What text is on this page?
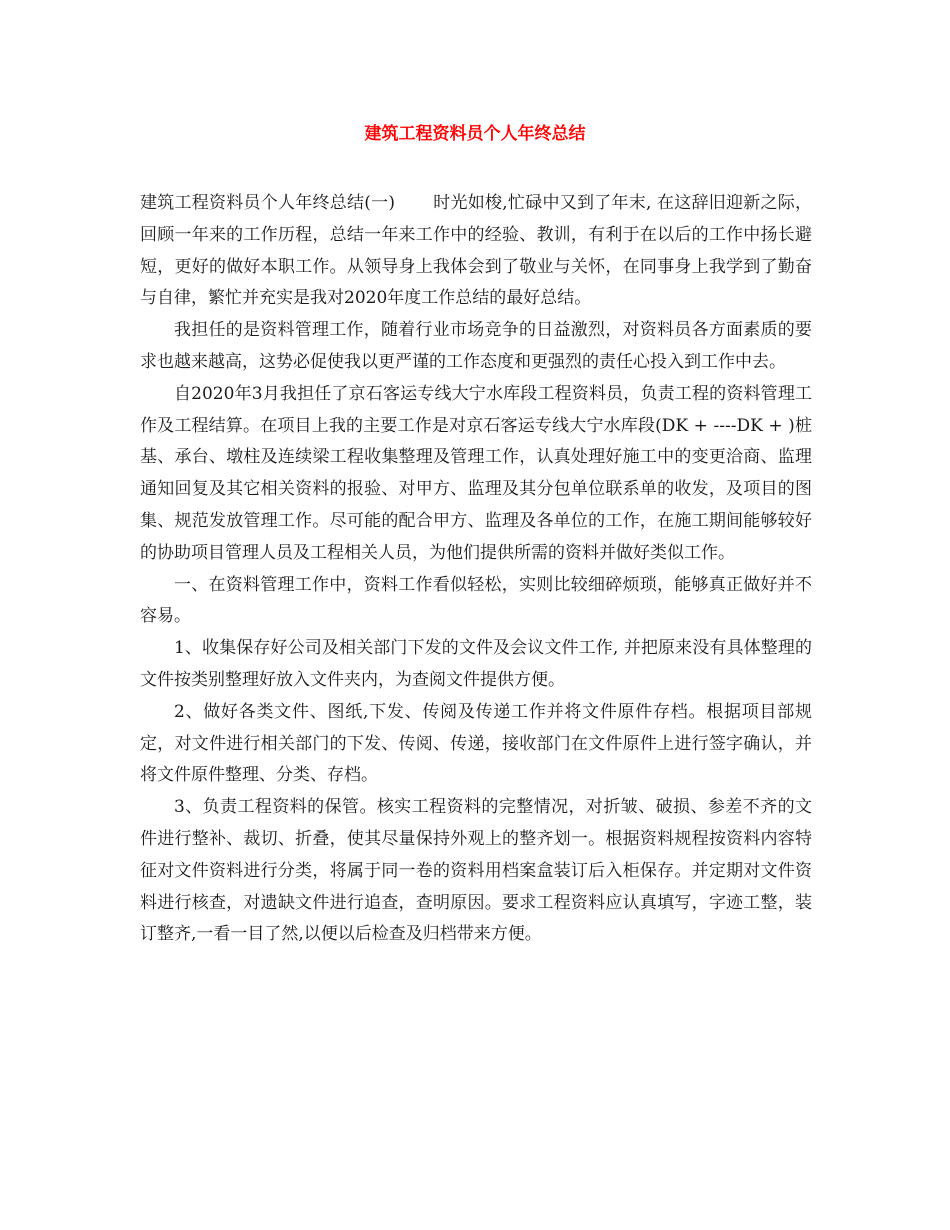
建筑工程资料员个人年终总结

建筑工程资料员个人年终总结(一) 时光如梭,忙碌中又到了年末, 在这辞旧迎新之际，回顾一年来的工作历程，总结一年来工作中的经验、教训，有利于在以后的工作中扬长避短，更好的做好本职工作。从领导身上我体会到了敬业与关怀，在同事身上我学到了勤奋与自律，繁忙并充实是我对2020年度工作总结的最好总结。

我担任的是资料管理工作，随着行业市场竞争的日益激烈，对资料员各方面素质的要求也越来越高，这势必促使我以更严谨的工作态度和更强烈的责任心投入到工作中去。

自2020年3月我担任了京石客运专线大宁水库段工程资料员，负责工程的资料管理工作及工程结算。在项目上我的主要工作是对京石客运专线大宁水库段(DK + ----DK + )桩基、承台、墩柱及连续梁工程收集整理及管理工作，认真处理好施工中的变更洽商、监理通知回复及其它相关资料的报验、对甲方、监理及其分包单位联系单的收发，及项目的图集、规范发放管理工作。尽可能的配合甲方、监理及各单位的工作，在施工期间能够较好的协助项目管理人员及工程相关人员，为他们提供所需的资料并做好类似工作。

一、在资料管理工作中，资料工作看似轻松，实则比较细碎烦琐，能够真正做好并不容易。

1、收集保存好公司及相关部门下发的文件及会议文件工作, 并把原来没有具体整理的文件按类别整理好放入文件夹内，为查阅文件提供方便。

2、做好各类文件、图纸,下发、传阅及传递工作并将文件原件存档。根据项目部规定，对文件进行相关部门的下发、传阅、传递，接收部门在文件原件上进行签字确认，并将文件原件整理、分类、存档。

3、负责工程资料的保管。核实工程资料的完整情况，对折皱、破损、参差不齐的文件进行整补、裁切、折叠，使其尽量保持外观上的整齐划一。根据资料规程按资料内容特征对文件资料进行分类，将属于同一卷的资料用档案盒装订后入柜保存。并定期对文件资料进行核查，对遗缺文件进行追查，查明原因。要求工程资料应认真填写，字迹工整，装订整齐,一看一目了然,以便以后检查及归档带来方便。
